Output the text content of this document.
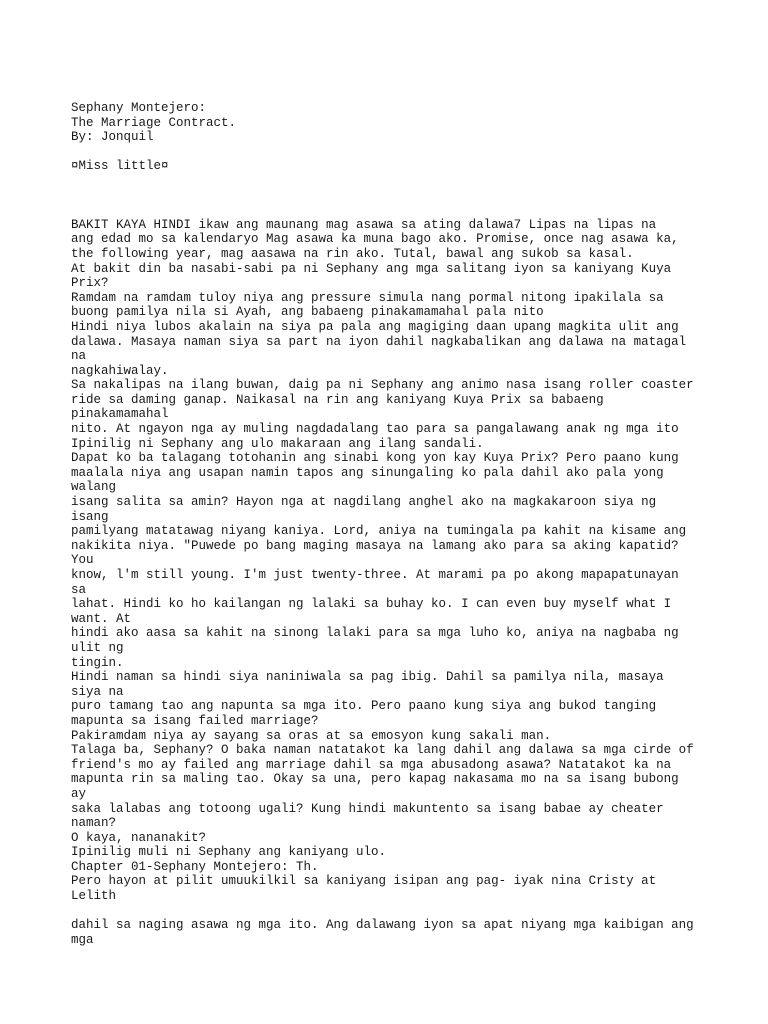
Sephany Montejero:
The Marriage Contract.
By: Jonquil
¤Miss little¤
BAKIT KAYA HINDI ikaw ang maunang mag asawa sa ating dalawa7 Lipas na lipas na
ang edad mo sa kalendaryo Mag asawa ka muna bago ako. Promise, once nag asawa ka,
the following year, mag aasawa na rin ako. Tutal, bawal ang sukob sa kasal.
At bakit din ba nasabi-sabi pa ni Sephany ang mga salitang iyon sa kaniyang Kuya
Prix?
Ramdam na ramdam tuloy niya ang pressure simula nang pormal nitong ipakilala sa
buong pamilya nila si Ayah, ang babaeng pinakamamahal pala nito
Hindi niya lubos akalain na siya pa pala ang magiging daan upang magkita ulit ang
dalawa. Masaya naman siya sa part na iyon dahil nagkabalikan ang dalawa na matagal
na
nagkahiwalay.
Sa nakalipas na ilang buwan, daig pa ni Sephany ang animo nasa isang roller coaster
ride sa daming ganap. Naikasal na rin ang kaniyang Kuya Prix sa babaeng
pinakamamahal
nito. At ngayon nga ay muling nagdadalang tao para sa pangalawang anak ng mga ito
Ipinilig ni Sephany ang ulo makaraan ang ilang sandali.
Dapat ko ba talagang totohanin ang sinabi kong yon kay Kuya Prix? Pero paano kung
maalala niya ang usapan namin tapos ang sinungaling ko pala dahil ako pala yong
walang
isang salita sa amin? Hayon nga at nagdilang anghel ako na magkakaroon siya ng
isang
pamilyang matatawag niyang kaniya. Lord, aniya na tumingala pa kahit na kisame ang
nakikita niya. "Puwede po bang maging masaya na lamang ako para sa aking kapatid?
You
know, l'm still young. I'm just twenty-three. At marami pa po akong mapapatunayan
sa
lahat. Hindi ko ho kailangan ng lalaki sa buhay ko. I can even buy myself what I
want. At
hindi ako aasa sa kahit na sinong lalaki para sa mga luho ko, aniya na nagbaba ng
ulit ng
tingin.
Hindi naman sa hindi siya naniniwala sa pag ibig. Dahil sa pamilya nila, masaya
siya na
puro tamang tao ang napunta sa mga ito. Pero paano kung siya ang bukod tanging
mapunta sa isang failed marriage?
Pakiramdam niya ay sayang sa oras at sa emosyon kung sakali man.
Talaga ba, Sephany? O baka naman natatakot ka lang dahil ang dalawa sa mga cirde of
friend's mo ay failed ang marriage dahil sa mga abusadong asawa? Natatakot ka na
mapunta rin sa maling tao. Okay sa una, pero kapag nakasama mo na sa isang bubong
ay
saka lalabas ang totoong ugali? Kung hindi makuntento sa isang babae ay cheater
naman?
O kaya, nananakit?
Ipinilig muli ni Sephany ang kaniyang ulo.
Chapter 01-Sephany Montejero: Th.
Pero hayon at pilit umuukilkil sa kaniyang isipan ang pag- iyak nina Cristy at
Lelith
dahil sa naging asawa ng mga ito. Ang dalawang iyon sa apat niyang mga kaibigan ang
mga
